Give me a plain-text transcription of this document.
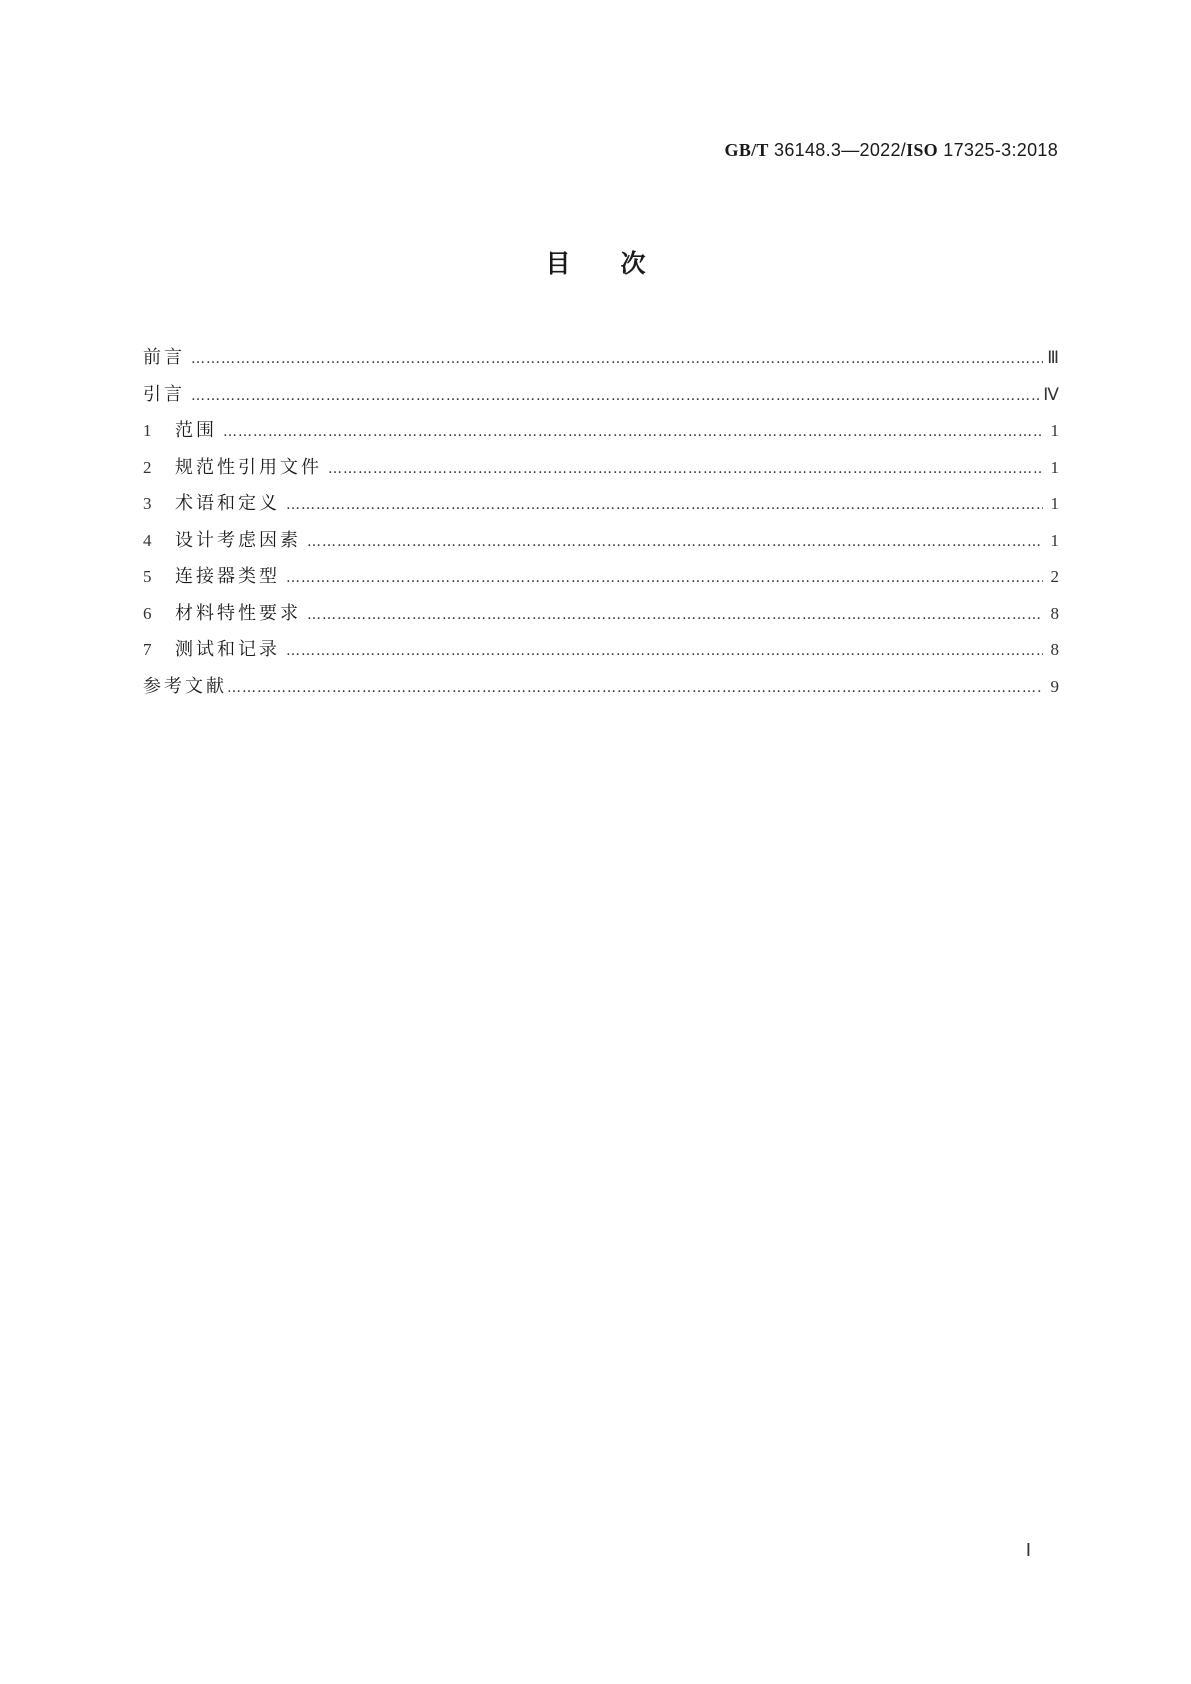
GB/T 36148.3—2022/ISO 17325-3:2018
目次
前言 ………………………………………………………………………………………………………………………………………………………………………………………………………………………………………………………	Ⅲ
引言 ………………………………………………………………………………………………………………………………………………………………………………………………………………………………………………………	Ⅳ
1	范围 ………………………………………………………………………………………………………………………………………………………………………………………………………………………………………………………	1
2	规范性引用文件 ………………………………………………………………………………………………………………………………………………………………………………………………………………………………………………………	1
3	术语和定义 ………………………………………………………………………………………………………………………………………………………………………………………………………………………………………………………	1
4	设计考虑因素 ………………………………………………………………………………………………………………………………………………………………………………………………………………………………………………………	1
5	连接器类型 ………………………………………………………………………………………………………………………………………………………………………………………………………………………………………………………	2
6	材料特性要求 ………………………………………………………………………………………………………………………………………………………………………………………………………………………………………………………	8
7	测试和记录 ………………………………………………………………………………………………………………………………………………………………………………………………………………………………………………………	8
参考文献 ………………………………………………………………………………………………………………………………………………………………………………………………………………………………………………………	9
Ⅰ
